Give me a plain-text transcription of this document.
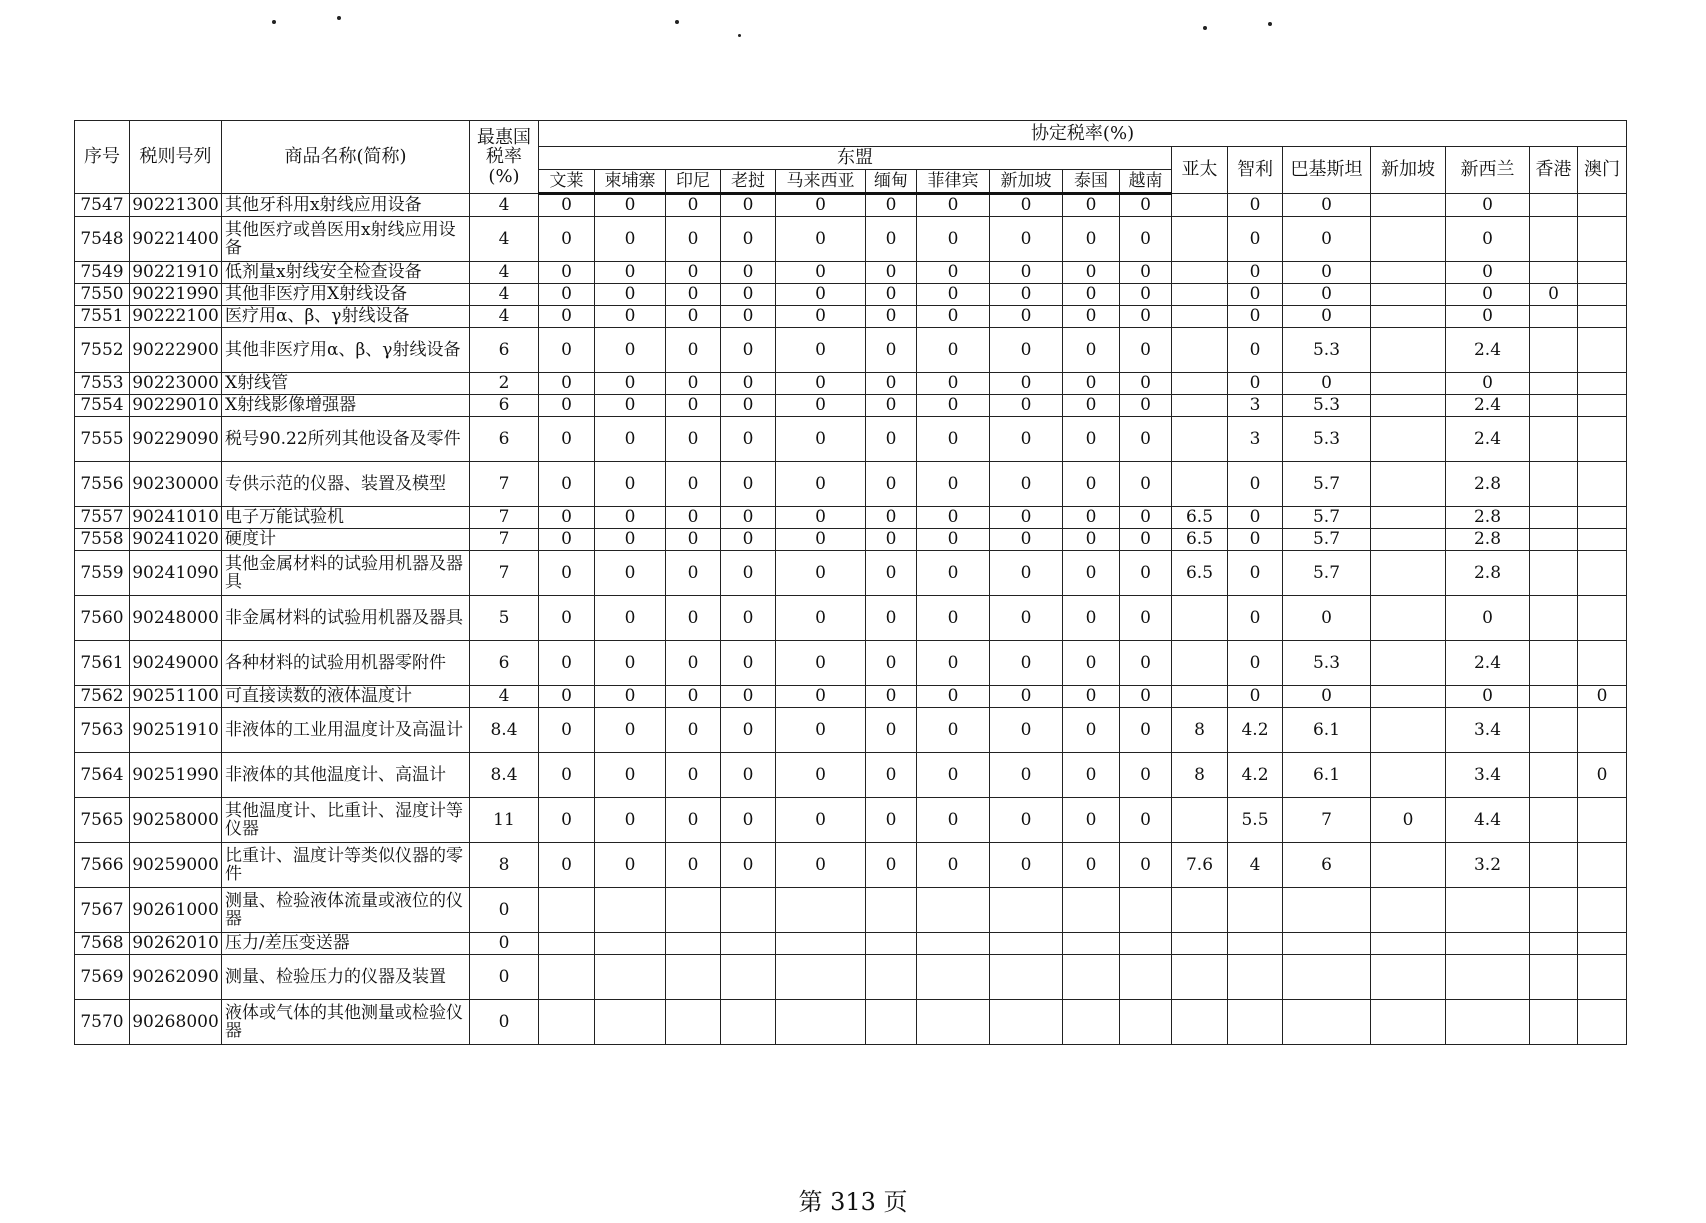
序号	税则号列	商品名称(简称)	最惠国税率(%)	协定税率(%)																
				东盟										亚太	智利	巴基斯坦	新加坡	新西兰	香港	澳门
				文莱	柬埔寨	印尼	老挝	马来西亚	缅甸	菲律宾	新加坡	泰国	越南							
7547	90221300	其他牙科用x射线应用设备	4	0	0	0	0	0	0	0	0	0	0		0	0		0		
7548	90221400	其他医疗或兽医用x射线应用设备	4	0	0	0	0	0	0	0	0	0	0		0	0		0		
7549	90221910	低剂量x射线安全检查设备	4	0	0	0	0	0	0	0	0	0	0		0	0		0		
7550	90221990	其他非医疗用X射线设备	4	0	0	0	0	0	0	0	0	0	0		0	0		0	0	
7551	90222100	医疗用α、β、γ射线设备	4	0	0	0	0	0	0	0	0	0	0		0	0		0		
7552	90222900	其他非医疗用α、β、γ射线设备	6	0	0	0	0	0	0	0	0	0	0		0	5.3		2.4		
7553	90223000	X射线管	2	0	0	0	0	0	0	0	0	0	0		0	0		0		
7554	90229010	X射线影像增强器	6	0	0	0	0	0	0	0	0	0	0		3	5.3		2.4		
7555	90229090	税号90.22所列其他设备及零件	6	0	0	0	0	0	0	0	0	0	0		3	5.3		2.4		
7556	90230000	专供示范的仪器、装置及模型	7	0	0	0	0	0	0	0	0	0	0		0	5.7		2.8		
7557	90241010	电子万能试验机	7	0	0	0	0	0	0	0	0	0	0	6.5	0	5.7		2.8		
7558	90241020	硬度计	7	0	0	0	0	0	0	0	0	0	0	6.5	0	5.7		2.8		
7559	90241090	其他金属材料的试验用机器及器具	7	0	0	0	0	0	0	0	0	0	0	6.5	0	5.7		2.8		
7560	90248000	非金属材料的试验用机器及器具	5	0	0	0	0	0	0	0	0	0	0		0	0		0		
7561	90249000	各种材料的试验用机器零附件	6	0	0	0	0	0	0	0	0	0	0		0	5.3		2.4		
7562	90251100	可直接读数的液体温度计	4	0	0	0	0	0	0	0	0	0	0		0	0		0		0
7563	90251910	非液体的工业用温度计及高温计	8.4	0	0	0	0	0	0	0	0	0	0	8	4.2	6.1		3.4		
7564	90251990	非液体的其他温度计、高温计	8.4	0	0	0	0	0	0	0	0	0	0	8	4.2	6.1		3.4		0
7565	90258000	其他温度计、比重计、湿度计等仪器	11	0	0	0	0	0	0	0	0	0	0		5.5	7	0	4.4		
7566	90259000	比重计、温度计等类似仪器的零件	8	0	0	0	0	0	0	0	0	0	0	7.6	4	6		3.2		
7567	90261000	测量、检验液体流量或液位的仪器	0																	
7568	90262010	压力/差压变送器	0																	
7569	90262090	测量、检验压力的仪器及装置	0																	
7570	90268000	液体或气体的其他测量或检验仪器	0																	
第 313 页
